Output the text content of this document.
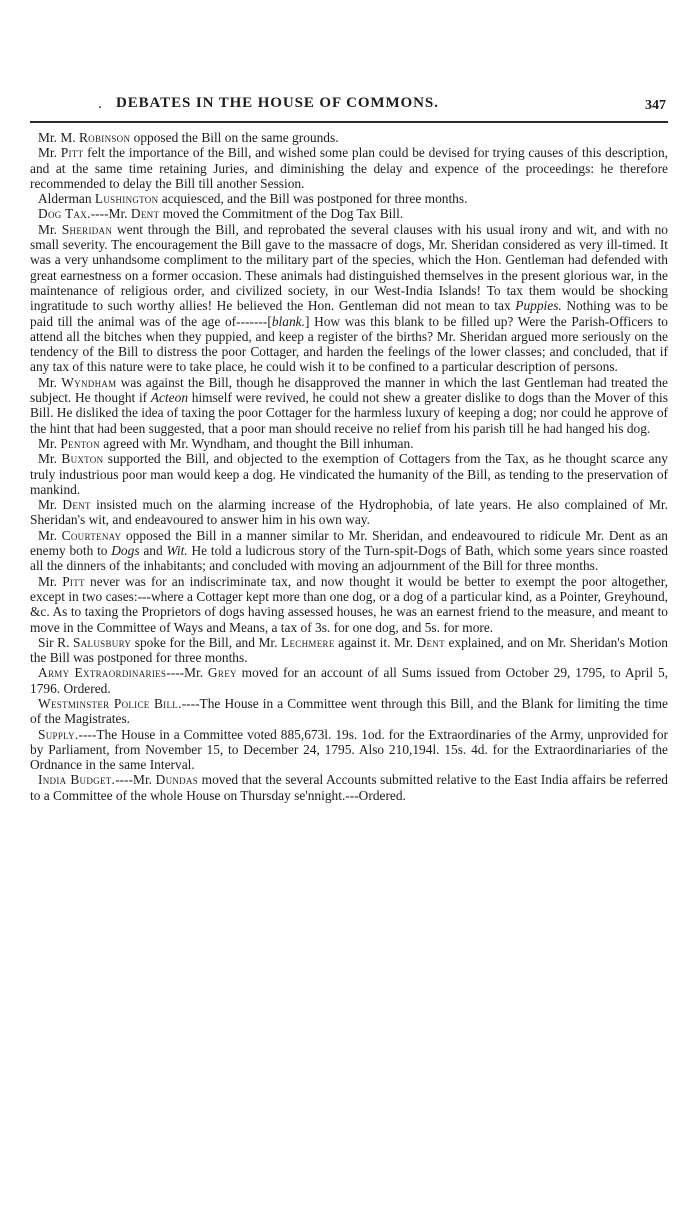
. DEBATES IN THE HOUSE OF COMMONS.	347

Mr. M. Robinson opposed the Bill on the same grounds.

Mr. Pitt felt the importance of the Bill, and wished some plan could be devised for trying causes of this description, and at the same time retaining Juries, and diminishing the delay and expence of the proceedings: he therefore recommended to delay the Bill till another Session.

Alderman Lushington acquiesced, and the Bill was postponed for three months.

Dog Tax.----Mr. Dent moved the Commitment of the Dog Tax Bill.

Mr. Sheridan went through the Bill, and reprobated the several clauses with his usual irony and wit, and with no small severity. The encouragement the Bill gave to the massacre of dogs, Mr. Sheridan considered as very ill-timed. It was a very unhandsome compliment to the military part of the species, which the Hon. Gentleman had defended with great earnestness on a former occasion. These animals had distinguished themselves in the present glorious war, in the maintenance of religious order, and civilized society, in our West-India Islands! To tax them would be shocking ingratitude to such worthy allies! He believed the Hon. Gentleman did not mean to tax Puppies. Nothing was to be paid till the animal was of the age of-------[blank.] How was this blank to be filled up? Were the Parish-Officers to attend all the bitches when they puppied, and keep a register of the births? Mr. Sheridan argued more seriously on the tendency of the Bill to distress the poor Cottager, and harden the feelings of the lower classes; and concluded, that if any tax of this nature were to take place, he could wish it to be confined to a particular description of persons.

Mr. Wyndham was against the Bill, though he disapproved the manner in which the last Gentleman had treated the subject. He thought if Acteon himself were revived, he could not shew a greater dislike to dogs than the Mover of this Bill. He disliked the idea of taxing the poor Cottager for the harmless luxury of keeping a dog; nor could he approve of the hint that had been suggested, that a poor man should receive no relief from his parish till he had hanged his dog.

Mr. Penton agreed with Mr. Wyndham, and thought the Bill inhuman.

Mr. Buxton supported the Bill, and objected to the exemption of Cottagers from the Tax, as he thought scarce any truly industrious poor man would keep a dog. He vindicated the humanity of the Bill, as tending to the preservation of mankind.

Mr. Dent insisted much on the alarming increase of the Hydrophobia, of late years. He also complained of Mr. Sheridan's wit, and endeavoured to answer him in his own way.

Mr. Courtenay opposed the Bill in a manner similar to Mr. Sheridan, and endeavoured to ridicule Mr. Dent as an enemy both to Dogs and Wit. He told a ludicrous story of the Turn-spit-Dogs of Bath, which some years since roasted all the dinners of the inhabitants; and concluded with moving an adjournment of the Bill for three months.

Mr. Pitt never was for an indiscriminate tax, and now thought it would be better to exempt the poor altogether, except in two cases:---where a Cottager kept more than one dog, or a dog of a particular kind, as a Pointer, Greyhound, &c. As to taxing the Proprietors of dogs having assessed houses, he was an earnest friend to the measure, and meant to move in the Committee of Ways and Means, a tax of 3s. for one dog, and 5s. for more.

Sir R. Salusbury spoke for the Bill, and Mr. Lechmere against it. Mr. Dent explained, and on Mr. Sheridan's Motion the Bill was postponed for three months.

Army Extraordinaries----Mr. Grey moved for an account of all Sums issued from October 29, 1795, to April 5, 1796. Ordered.

Westminster Police Bill.----The House in a Committee went through this Bill, and the Blank for limiting the time of the Magistrates.

Supply.----The House in a Committee voted 885,673l. 19s. 1od. for the Extraordinaries of the Army, unprovided for by Parliament, from November 15, to December 24, 1795. Also 210,194l. 15s. 4d. for the Extraordinariaries of the Ordnance in the same Interval.

India Budget.----Mr. Dundas moved that the several Accounts submitted relative to the East India affairs be referred to a Committee of the whole House on Thursday se'nnight.---Ordered.
